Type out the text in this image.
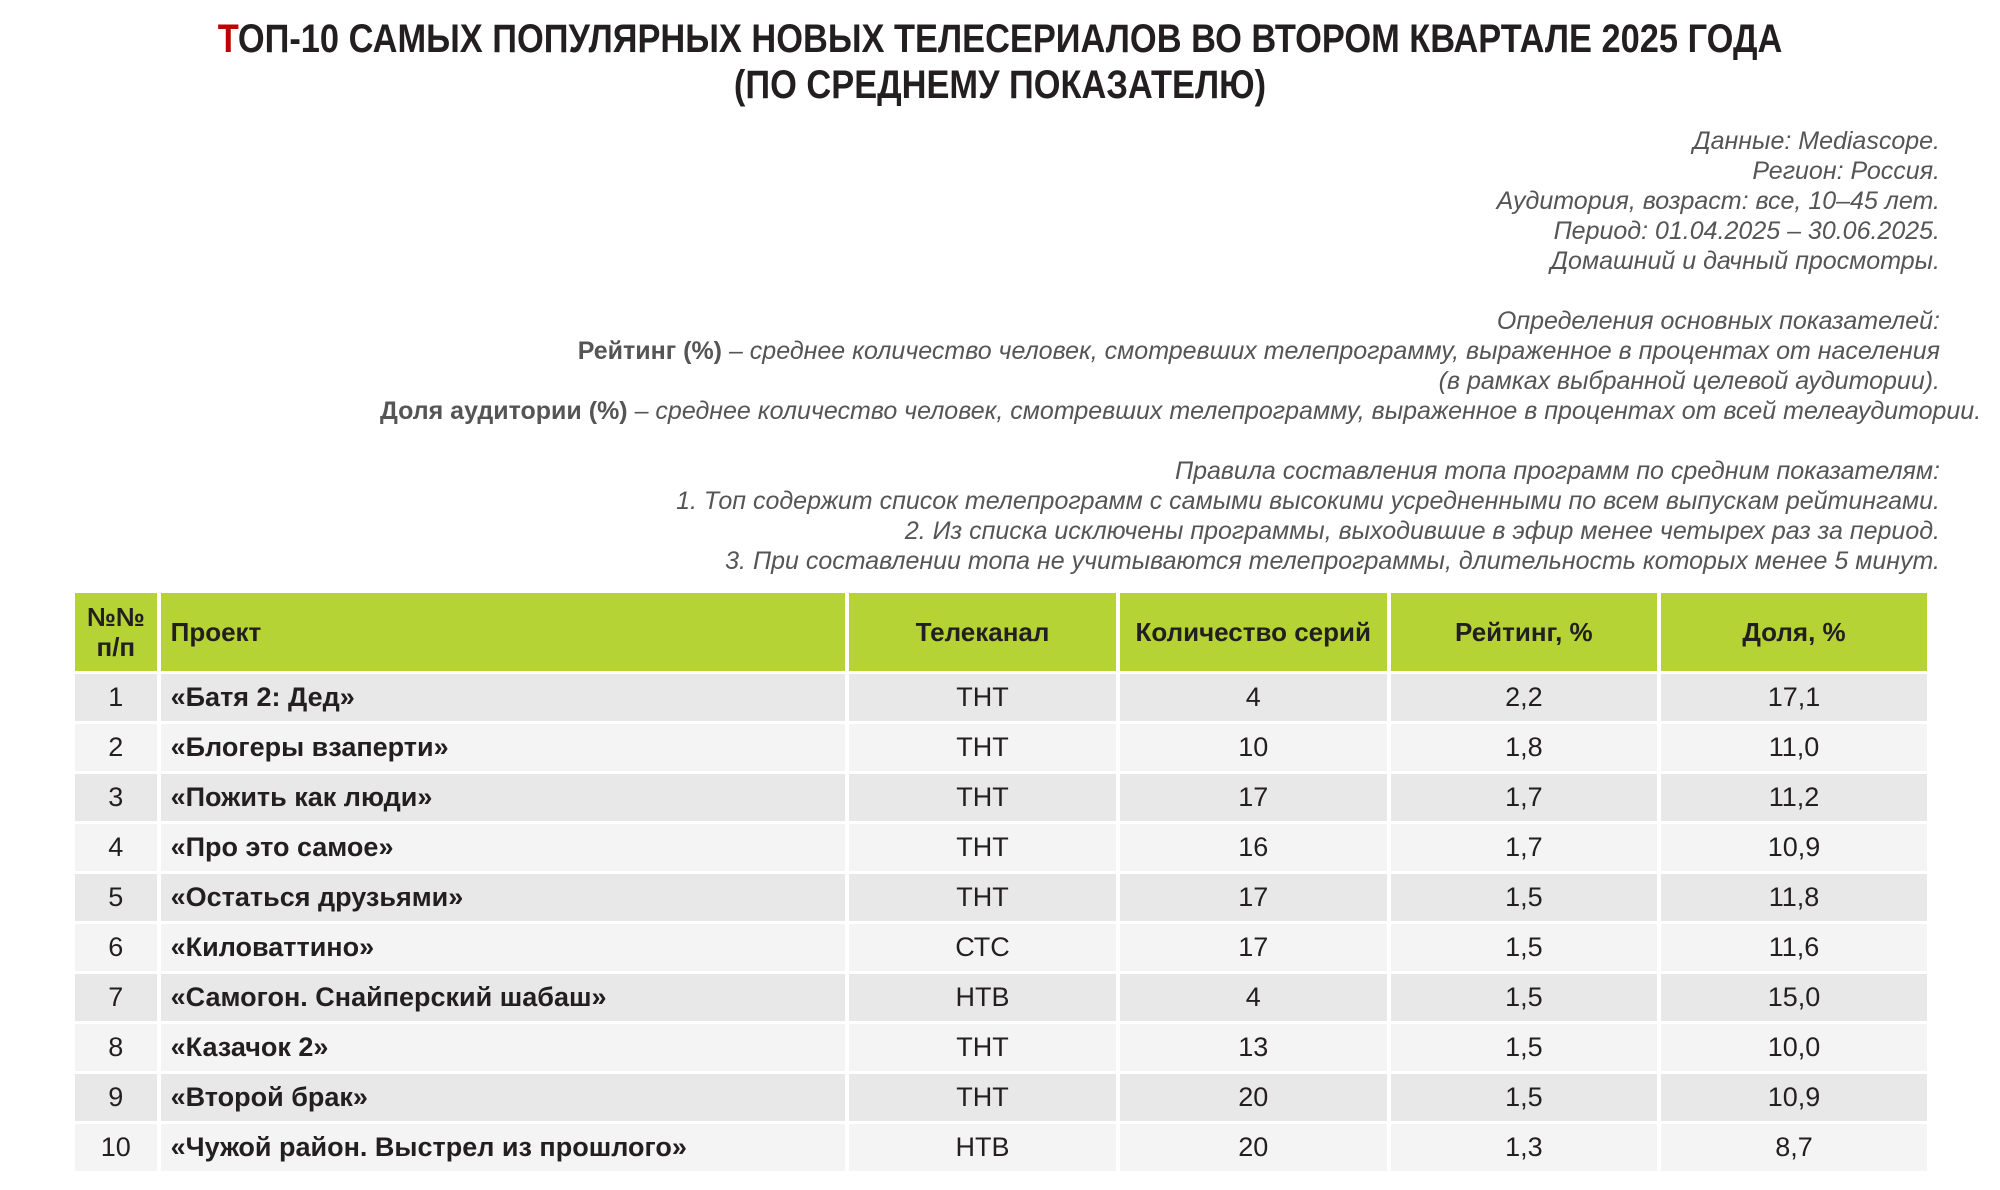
ТОП-10 САМЫХ ПОПУЛЯРНЫХ НОВЫХ ТЕЛЕСЕРИАЛОВ ВО ВТОРОМ КВАРТАЛЕ 2025 ГОДА
(ПО СРЕДНЕМУ ПОКАЗАТЕЛЮ)
Данные: Mediascope.
Регион: Россия.
Аудитория, возраст: все, 10–45 лет.
Период: 01.04.2025 – 30.06.2025.
Домашний и дачный просмотры.
Определения основных показателей:
Рейтинг (%) – среднее количество человек, смотревших телепрограмму, выраженное в процентах от населения
(в рамках выбранной целевой аудитории).
Доля аудитории (%) – среднее количество человек, смотревших телепрограмму, выраженное в процентах от всей телеаудитории.
Правила составления топа программ по средним показателям:
1. Топ содержит список телепрограмм с самыми высокими усредненными по всем выпускам рейтингами.
2. Из списка исключены программы, выходившие в эфир менее четырех раз за период.
3. При составлении топа не учитываются телепрограммы, длительность которых менее 5 минут.
№№
п/п	Проект	Телеканал	Количество серий	Рейтинг, %	Доля, %
1	«Батя 2: Дед»	ТНТ	4	2,2	17,1
2	«Блогеры взаперти»	ТНТ	10	1,8	11,0
3	«Пожить как люди»	ТНТ	17	1,7	11,2
4	«Про это самое»	ТНТ	16	1,7	10,9
5	«Остаться друзьями»	ТНТ	17	1,5	11,8
6	«Киловаттино»	СТС	17	1,5	11,6
7	«Самогон. Снайперский шабаш»	НТВ	4	1,5	15,0
8	«Казачок 2»	ТНТ	13	1,5	10,0
9	«Второй брак»	ТНТ	20	1,5	10,9
10	«Чужой район. Выстрел из прошлого»	НТВ	20	1,3	8,7
